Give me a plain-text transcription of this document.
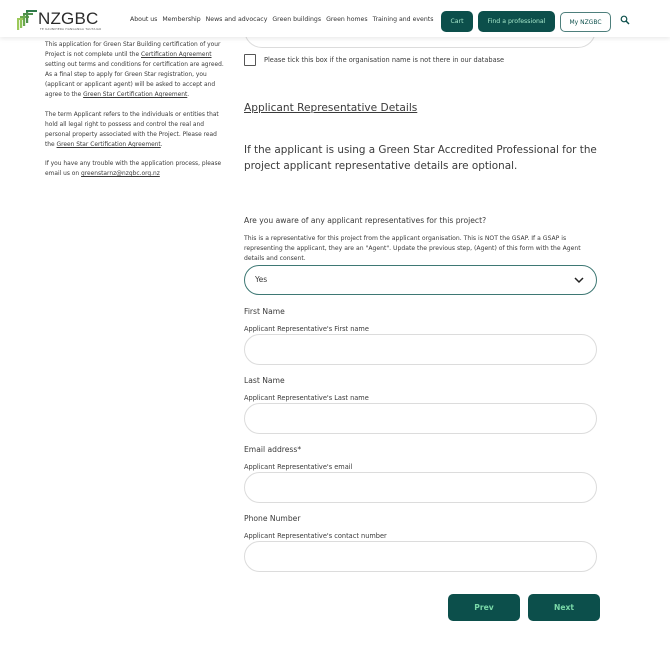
NZGBC
TE KAUNIHERA HANGANGA TAUTAIAO
About us Membership News and advocacy Green buildings Green homes Training and events	Cart	Find a professional	My NZGBC

This application for Green Star Building certification of your Project is not complete until the Certification Agreement setting out terms and conditions for certification are agreed. As a final step to apply for Green Star registration, you (applicant or applicant agent) will be asked to accept and agree to the Green Star Certification Agreement.

The term Applicant refers to the individuals or entities that hold all legal right to possess and control the real and personal property associated with the Project. Please read the Green Star Certification Agreement.

If you have any trouble with the application process, please email us on greenstarnz@nzgbc.org.nz

Please tick this box if the organisation name is not there in our database
Applicant Representative Details
If the applicant is using a Green Star Accredited Professional for the project applicant representative details are optional.
Are you aware of any applicant representatives for this project?
This is a representative for this project from the applicant organisation. This is NOT the GSAP. If a GSAP is representing the applicant, they are an "Agent". Update the previous step, (Agent) of this form with the Agent details and consent.
Yes
First Name
Applicant Representative's First name
Last Name
Applicant Representative's Last name
Email address*
Applicant Representative's email
Phone Number
Applicant Representative's contact number
Prev	Next
